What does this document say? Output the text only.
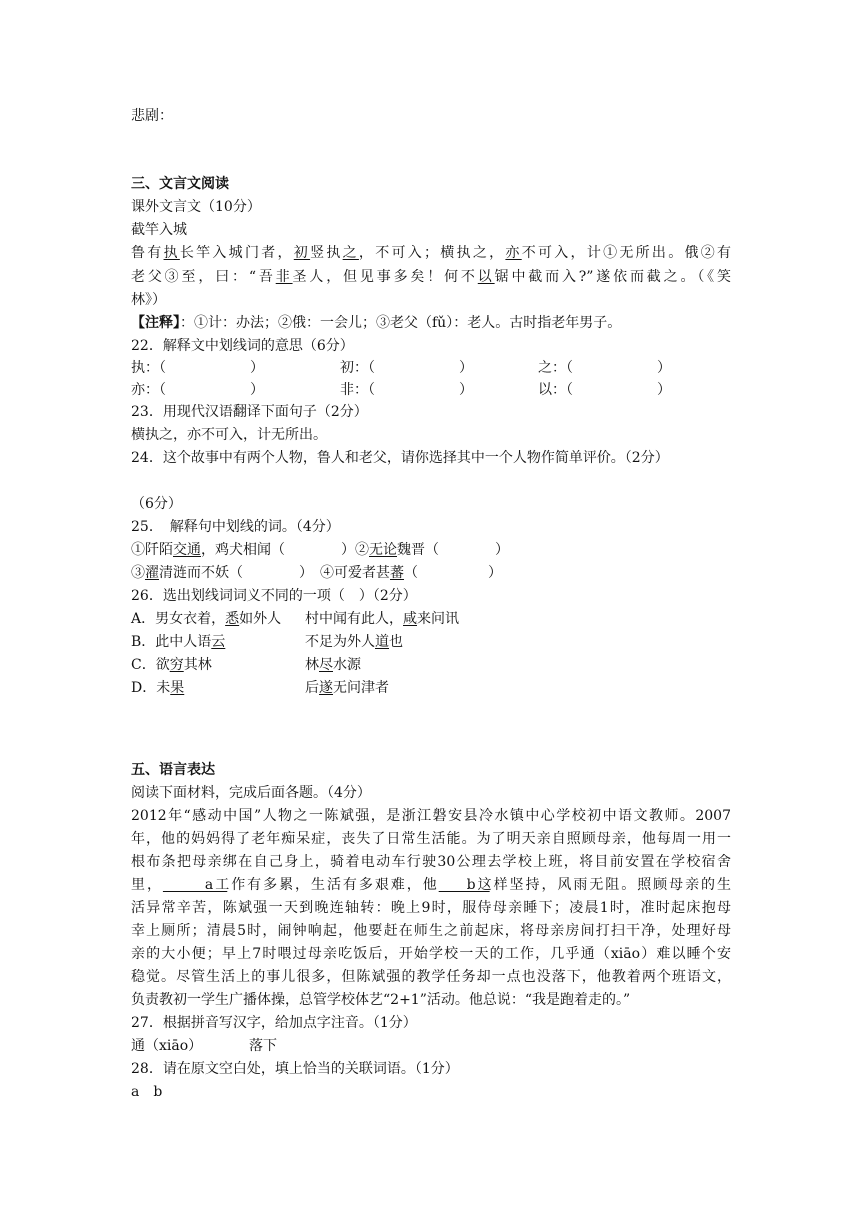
悲剧：
三、文言文阅读
课外文言文（10分）
截竿入城
鲁有执长竿入城门者，初竖执之，不可入；横执之，亦不可入，计①无所出。俄②有
老父③至，曰：“吾非圣人，但见事多矣！何不以锯中截而入?”遂依而截之。（《笑
林》）
【注释】：①计：办法；②俄：一会儿；③老父（fǔ）：老人。古时指老年男子。
22．解释文中划线词的意思（6分）
执：（　　　　　　）	初：（　　　　　　）	之：（　　　　　　）
亦：（　　　　　　）	非：（　　　　　　）	以：（　　　　　　）
23．用现代汉语翻译下面句子（2分）
横执之，亦不可入，计无所出。
24．这个故事中有两个人物，鲁人和老父，请你选择其中一个人物作简单评价。（2分）
（6分）
25．　解释句中划线的词。（4分）
①阡陌交通，鸡犬相闻（　　　　）②无论魏晋（　　　　）
③濯清涟而不妖（　　　　）　④可爱者甚蕃（　　　　　）
26．选出划线词词义不同的一项（　）（2分）
A．男女衣着，悉如外人 村中闻有此人，咸来问讯
B．此中人语云	不足为外人道也
C．欲穷其林	林尽水源
D．未果	后遂无问津者
五、语言表达
阅读下面材料，完成后面各题。（4分）
2012年“感动中国”人物之一陈斌强，是浙江磐安县冷水镇中心学校初中语文教师。2007
年，他的妈妈得了老年痴呆症，丧失了日常生活能。为了明天亲自照顾母亲，他每周一用一
根布条把母亲绑在自己身上，骑着电动车行驶30公理去学校上班，将目前安置在学校宿舍
里，　　a　工作有多累，生活有多艰难，他　b　这样坚持，风雨无阻。照顾母亲的生
活异常辛苦，陈斌强一天到晚连轴转：晚上9时，服侍母亲睡下；凌晨1时，准时起床抱母
幸上厕所；清晨5时，闹钟响起，他要赶在师生之前起床，将母亲房间打扫干净，处理好母
亲的大小便；早上7时喂过母亲吃饭后，开始学校一天的工作，几乎通（xiāo）难以睡个安
稳觉。尽管生活上的事儿很多，但陈斌强的教学任务却一点也没落下，他教着两个班语文，
负责教初一学生广播体操，总管学校体艺“2+1”活动。他总说：“我是跑着走的。”
27．根据拼音写汉字，给加点字注音。（1分）
通（xiāo）	落下
28．请在原文空白处，填上恰当的关联词语。（1分）
a　b
